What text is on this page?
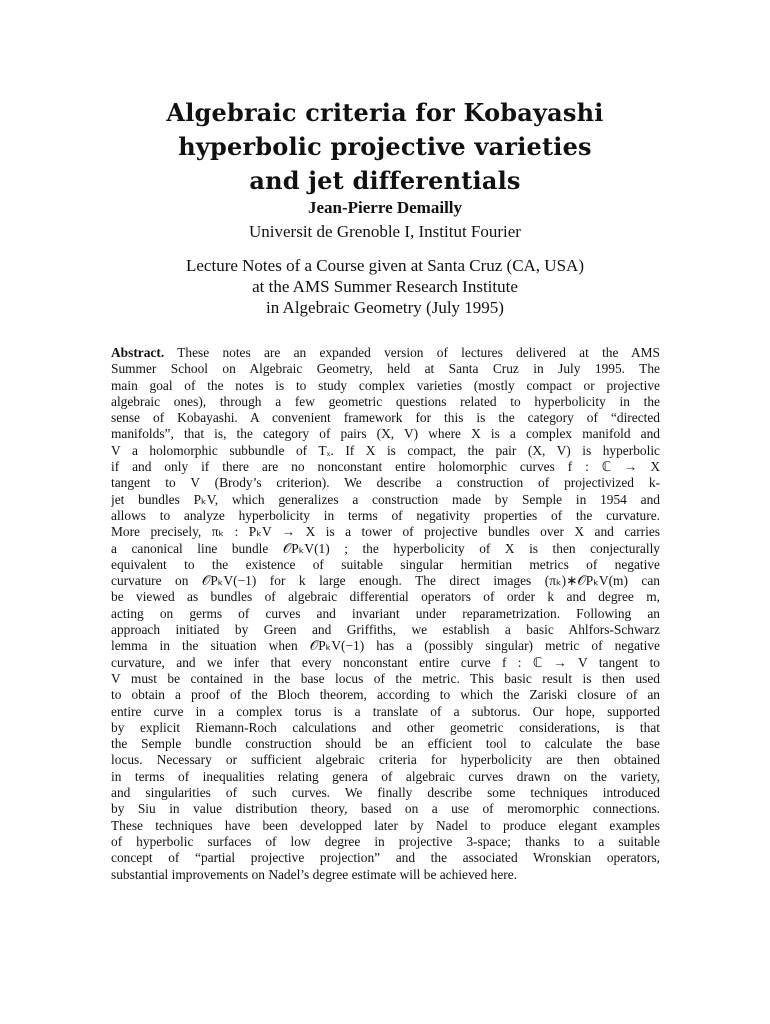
Algebraic criteria for Kobayashi
hyperbolic projective varieties
and jet differentials
Jean-Pierre Demailly
Universit de Grenoble I, Institut Fourier
Lecture Notes of a Course given at Santa Cruz (CA, USA)
at the AMS Summer Research Institute
in Algebraic Geometry (July 1995)
Abstract. These notes are an expanded version of lectures delivered at the AMS
Summer School on Algebraic Geometry, held at Santa Cruz in July 1995. The
main goal of the notes is to study complex varieties (mostly compact or projective
algebraic ones), through a few geometric questions related to hyperbolicity in the
sense of Kobayashi. A convenient framework for this is the category of “directed
manifolds”, that is, the category of pairs (X, V) where X is a complex manifold and
V a holomorphic subbundle of Tₓ. If X is compact, the pair (X, V) is hyperbolic
if and only if there are no nonconstant entire holomorphic curves f : ℂ → X
tangent to V (Brody’s criterion). We describe a construction of projectivized k-
jet bundles PₖV, which generalizes a construction made by Semple in 1954 and
allows to analyze hyperbolicity in terms of negativity properties of the curvature.
More precisely, πₖ : PₖV → X is a tower of projective bundles over X and carries
a canonical line bundle 𝒪PₖV(1) ; the hyperbolicity of X is then conjecturally
equivalent to the existence of suitable singular hermitian metrics of negative
curvature on 𝒪PₖV(−1) for k large enough. The direct images (πₖ)∗𝒪PₖV(m) can
be viewed as bundles of algebraic differential operators of order k and degree m,
acting on germs of curves and invariant under reparametrization. Following an
approach initiated by Green and Griffiths, we establish a basic Ahlfors-Schwarz
lemma in the situation when 𝒪PₖV(−1) has a (possibly singular) metric of negative
curvature, and we infer that every nonconstant entire curve f : ℂ → V tangent to
V must be contained in the base locus of the metric. This basic result is then used
to obtain a proof of the Bloch theorem, according to which the Zariski closure of an
entire curve in a complex torus is a translate of a subtorus. Our hope, supported
by explicit Riemann-Roch calculations and other geometric considerations, is that
the Semple bundle construction should be an efficient tool to calculate the base
locus. Necessary or sufficient algebraic criteria for hyperbolicity are then obtained
in terms of inequalities relating genera of algebraic curves drawn on the variety,
and singularities of such curves. We finally describe some techniques introduced
by Siu in value distribution theory, based on a use of meromorphic connections.
These techniques have been developped later by Nadel to produce elegant examples
of hyperbolic surfaces of low degree in projective 3-space; thanks to a suitable
concept of “partial projective projection” and the associated Wronskian operators,
substantial improvements on Nadel’s degree estimate will be achieved here.
